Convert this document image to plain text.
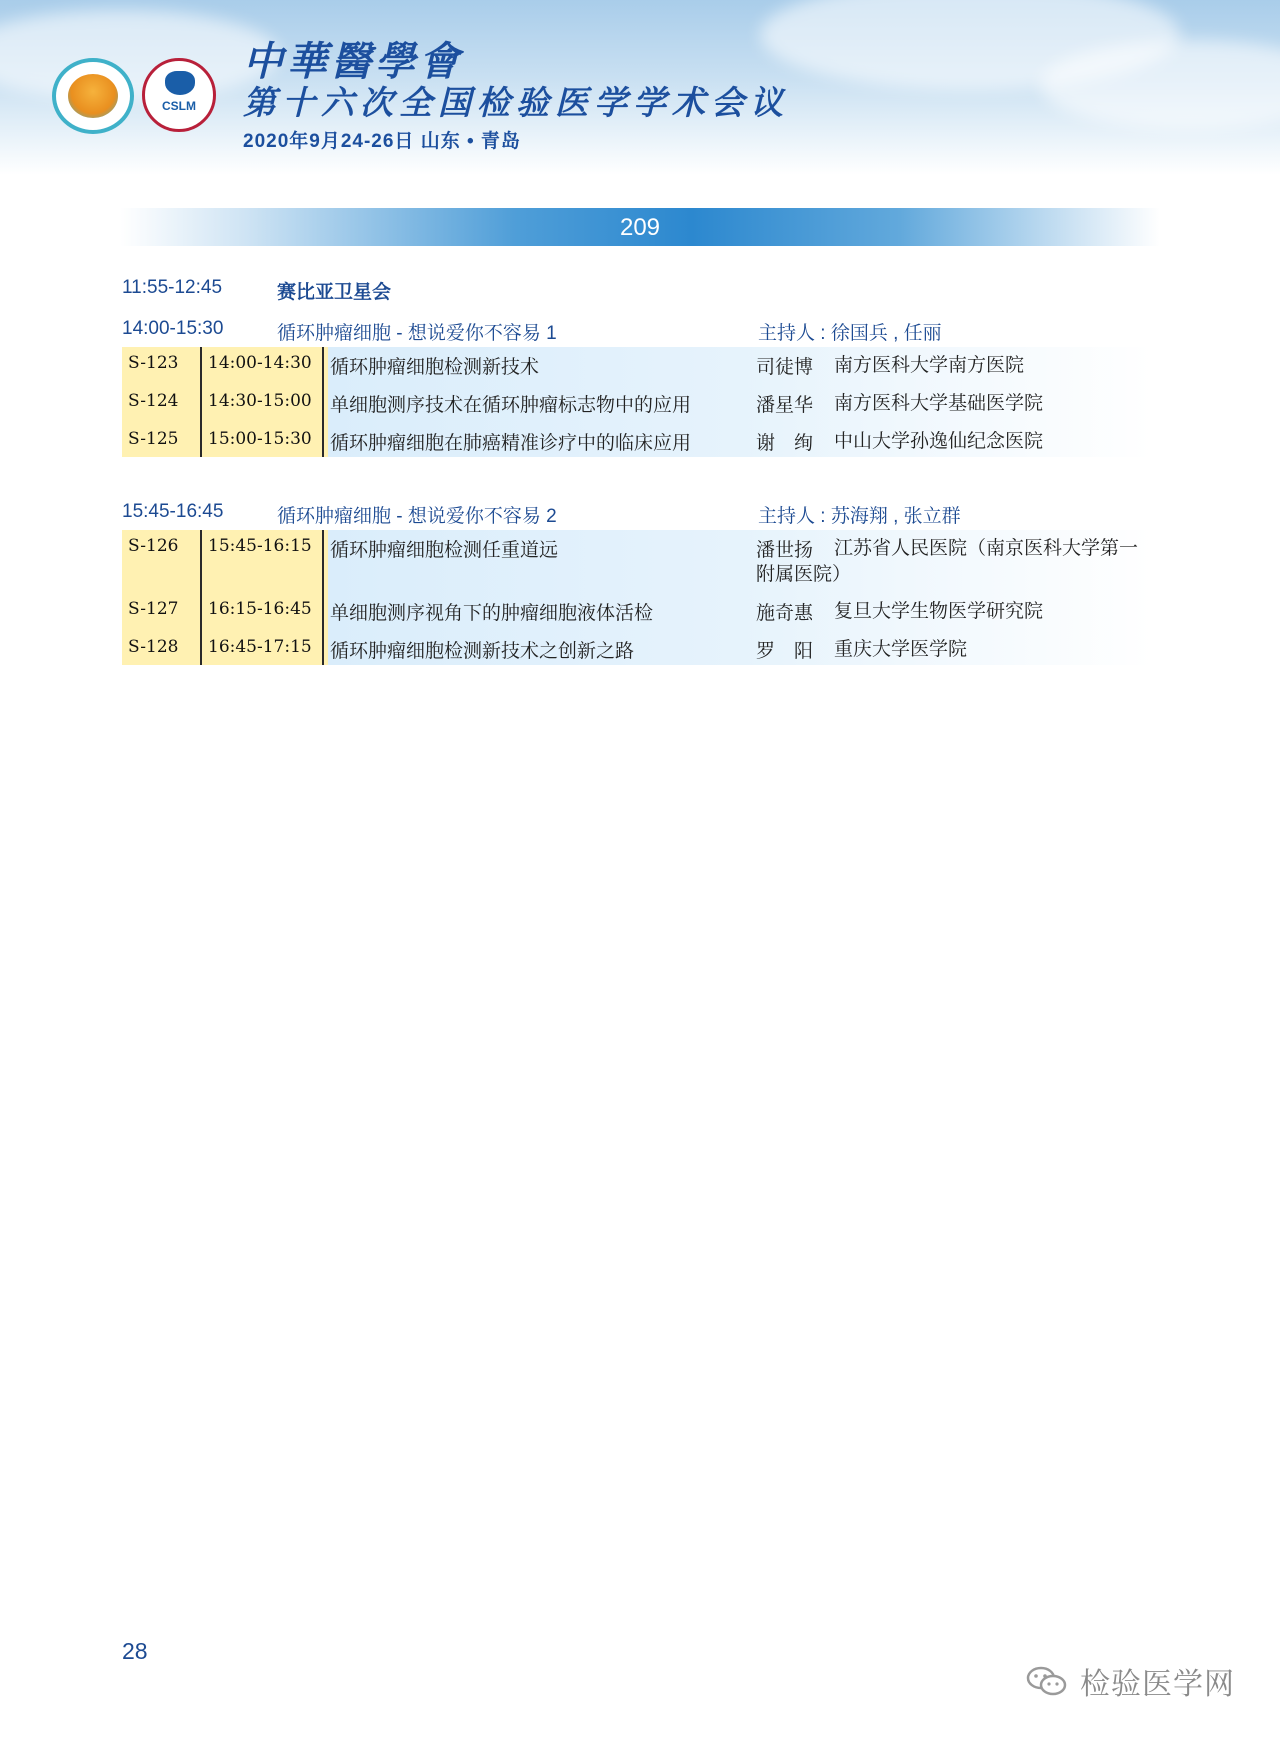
CSLM
中華醫學會
第十六次全国检验医学学术会议
2020年9月24-26日 山东 • 青岛
209
11:55-12:45	赛比亚卫星会
14:00-15:30	循环肿瘤细胞 - 想说爱你不容易 1	主持人 : 徐国兵 , 任丽
S-123 14:00-14:30 循环肿瘤细胞检测新技术	司徒博 南方医科大学南方医院
S-124 14:30-15:00 单细胞测序技术在循环肿瘤标志物中的应用	潘星华 南方医科大学基础医学院
S-125 15:00-15:30 循环肿瘤细胞在肺癌精准诊疗中的临床应用	谢　绚 中山大学孙逸仙纪念医院
15:45-16:45	循环肿瘤细胞 - 想说爱你不容易 2	主持人 : 苏海翔 , 张立群
S-126 15:45-16:15 循环肿瘤细胞检测任重道远	潘世扬	江苏省人民医院（南京医科大学第一附属医院）
S-127 16:15-16:45 单细胞测序视角下的肿瘤细胞液体活检	施奇惠 复旦大学生物医学研究院
S-128 16:45-17:15 循环肿瘤细胞检测新技术之创新之路	罗　阳 重庆大学医学院
28
检验医学网
